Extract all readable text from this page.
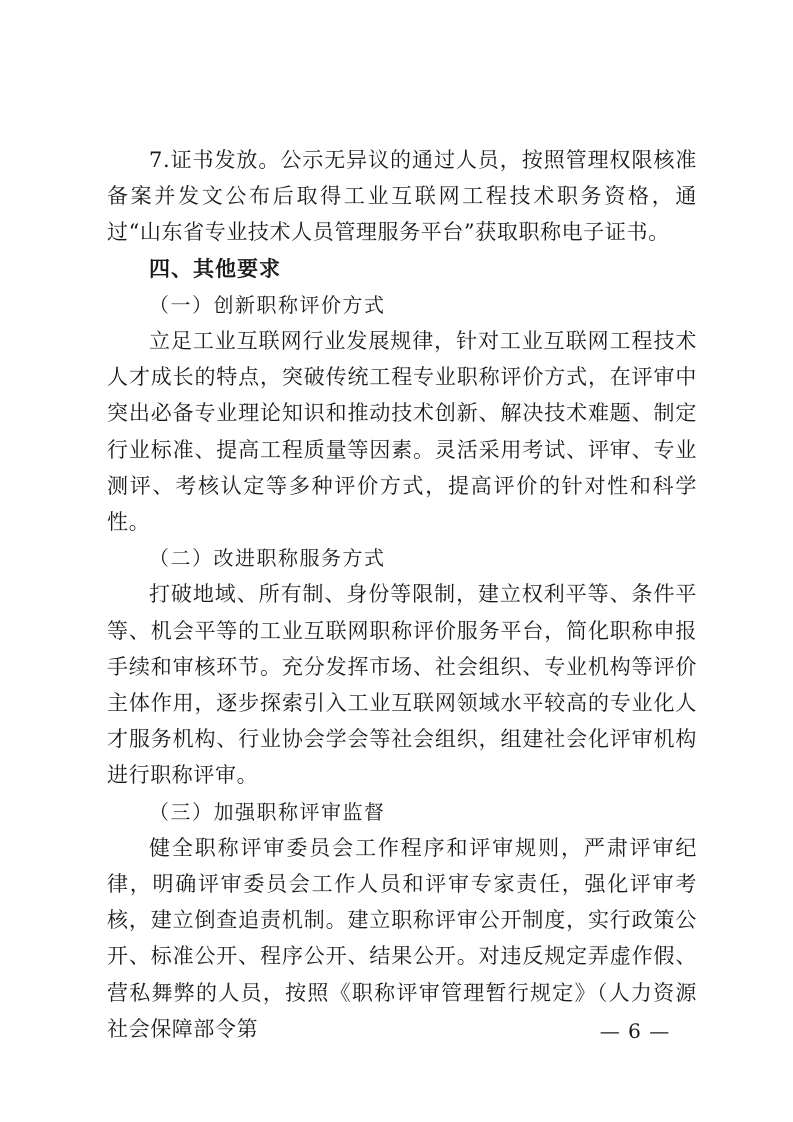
7.证书发放。公示无异议的通过人员，按照管理权限核准备案并发文公布后取得工业互联网工程技术职务资格，通过“山东省专业技术人员管理服务平台”获取职称电子证书。

四、其他要求

（一）创新职称评价方式

立足工业互联网行业发展规律，针对工业互联网工程技术人才成长的特点，突破传统工程专业职称评价方式，在评审中突出必备专业理论知识和推动技术创新、解决技术难题、制定行业标准、提高工程质量等因素。灵活采用考试、评审、专业测评、考核认定等多种评价方式，提高评价的针对性和科学性。

（二）改进职称服务方式

打破地域、所有制、身份等限制，建立权利平等、条件平等、机会平等的工业互联网职称评价服务平台，简化职称申报手续和审核环节。充分发挥市场、社会组织、专业机构等评价主体作用，逐步探索引入工业互联网领域水平较高的专业化人才服务机构、行业协会学会等社会组织，组建社会化评审机构进行职称评审。

（三）加强职称评审监督

健全职称评审委员会工作程序和评审规则，严肃评审纪律，明确评审委员会工作人员和评审专家责任，强化评审考核，建立倒查追责机制。建立职称评审公开制度，实行政策公开、标准公开、程序公开、结果公开。对违反规定弄虚作假、营私舞弊的人员，按照《职称评审管理暂行规定》（人力资源社会保障部令第	— 6 —
